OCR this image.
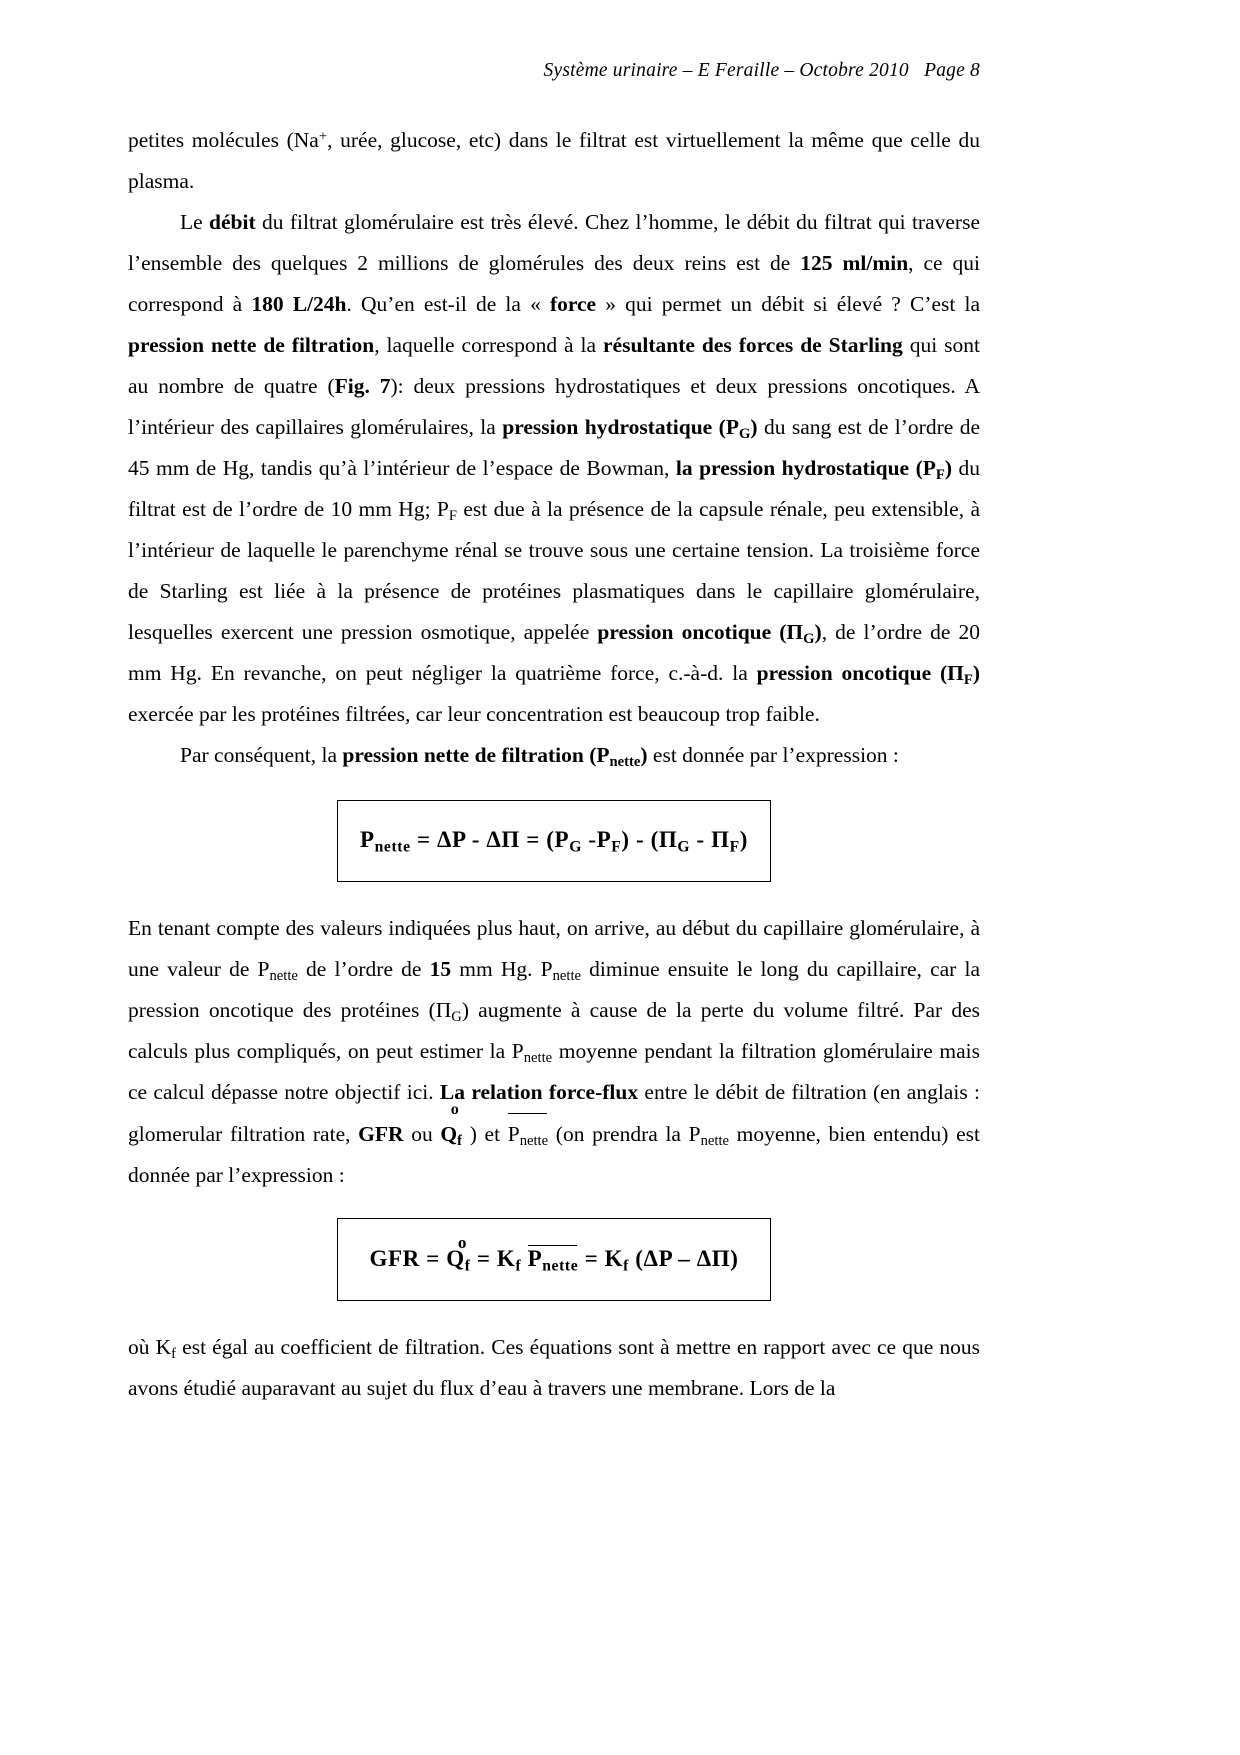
Système urinaire – E Feraille – Octobre 2010 Page 8

petites molécules (Na+, urée, glucose, etc) dans le filtrat est virtuellement la même que celle du plasma.

Le débit du filtrat glomérulaire est très élevé. Chez l’homme, le débit du filtrat qui traverse l’ensemble des quelques 2 millions de glomérules des deux reins est de 125 ml/min, ce qui correspond à 180 L/24h. Qu’en est-il de la « force » qui permet un débit si élevé ? C’est la pression nette de filtration, laquelle correspond à la résultante des forces de Starling qui sont au nombre de quatre (Fig. 7): deux pressions hydrostatiques et deux pressions oncotiques. A l’intérieur des capillaires glomérulaires, la pression hydrostatique $(P_G)$ du sang est de l’ordre de 45 mm de Hg, tandis qu’à l’intérieur de l’espace de Bowman, la pression hydrostatique $(P_F)$ du filtrat est de l’ordre de 10 mm Hg; $P_F$ est due à la présence de la capsule rénale, peu extensible, à l’intérieur de laquelle le parenchyme rénal se trouve sous une certaine tension. La troisième force de Starling est liée à la présence de protéines plasmatiques dans le capillaire glomérulaire, lesquelles exercent une pression osmotique, appelée pression oncotique $(\Pi_G)$, de l’ordre de 20 mm Hg. En revanche, on peut négliger la quatrième force, c.-à-d. la pression oncotique $(\Pi_F)$ exercée par les protéines filtrées, car leur concentration est beaucoup trop faible.

Par conséquent, la pression nette de filtration $(P_{nette})$ est donnée par l’expression :

$P_{nette} = \Delta P - \Delta\Pi = (P_G$ $-P_F) - (\Pi_G - \Pi_F)$

En tenant compte des valeurs indiquées plus haut, on arrive, au début du capillaire glomérulaire, à une valeur de $P_{nette}$ de l’ordre de 15 mm Hg. $P_{nette}$ diminue ensuite le long du capillaire, car la pression oncotique des protéines $(\Pi_G)$ augmente à cause de la perte du volume filtré. Par des calculs plus compliqués, on peut estimer la $P_{nette}$ moyenne pendant la filtration glomérulaire mais ce calcul dépasse notre objectif ici. La relation force-flux entre le débit de filtration (en anglais : glomerular filtration rate, GFR ou
o
$Q_f$ ) et $P_{nette}$ (on prendra la $P_{nette}$ moyenne, bien entendu) est donnée par l’expression :

GFR =
o
$Q_f = K_f$ $P_{nette} = K_f$ (ΔP – ΔΠ)

où $K_f$ est égal au coefficient de filtration. Ces équations sont à mettre en rapport avec ce que nous avons étudié auparavant au sujet du flux d’eau à travers une membrane. Lors de la
